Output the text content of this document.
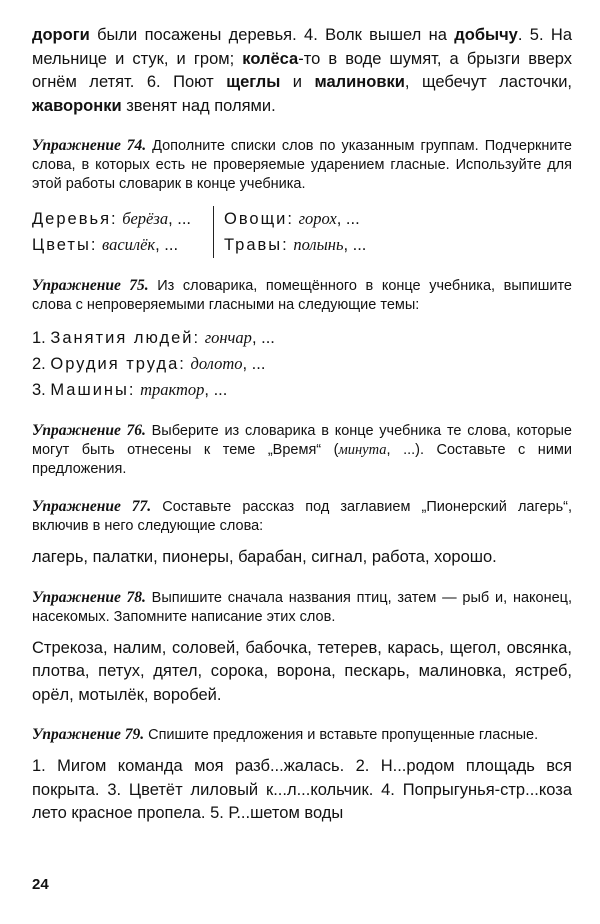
дороги были посажены деревья. 4. Волк вышел на добычу. 5. На мельнице и стук, и гром; колёса-то в воде шумят, а брызги вверх огнём летят. 6. Поют щеглы и малиновки, щебечут ласточки, жаворонки звенят над полями.

Упражнение 74. Дополните списки слов по указанным группам. Подчеркните слова, в которых есть не проверяемые ударением гласные. Используйте для этой работы словарик в конце учебника.

Деревья: берёза, ...
Цветы: василёк, ...
Овощи: горох, ...
Травы: полынь, ...

Упражнение 75. Из словарика, помещённого в конце учебника, выпишите слова с непроверяемыми гласными на следующие темы:

1. Занятия людей: гончар, ...
2. Орудия труда: долото, ...
3. Машины: трактор, ...

Упражнение 76. Выберите из словарика в конце учебника те слова, которые могут быть отнесены к теме „Время“ (минута, ...). Составьте с ними предложения.

Упражнение 77. Составьте рассказ под заглавием „Пионерский лагерь“, включив в него следующие слова:

лагерь, палатки, пионеры, барабан, сигнал, работа, хорошо.

Упражнение 78. Выпишите сначала названия птиц, затем — рыб и, наконец, насекомых. Запомните написание этих слов.

Стрекоза, налим, соловей, бабочка, тетерев, карась, щегол, овсянка, плотва, петух, дятел, сорока, ворона, пескарь, малиновка, ястреб, орёл, мотылёк, воробей.

Упражнение 79. Спишите предложения и вставьте пропущенные гласные.

1. Мигом команда моя разб...жалась. 2. Н...родом площадь вся покрыта. 3. Цветёт лиловый к...л...кольчик. 4. Попрыгунья-стр...коза лето красное пропела. 5. Р...шетом воды

24
